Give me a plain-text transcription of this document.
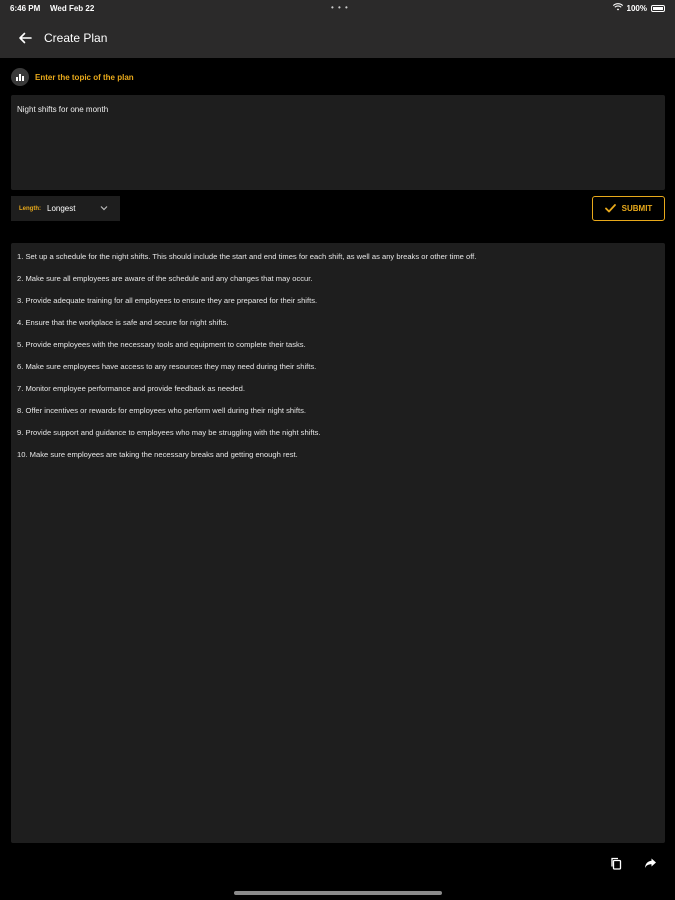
6:46 PM Wed Feb 22	• • •	100%
Create Plan
Enter the topic of the plan
Night shifts for one month
Length: Longest	SUBMIT
1. Set up a schedule for the night shifts. This should include the start and end times for each shift, as well as any breaks or other time off.
2. Make sure all employees are aware of the schedule and any changes that may occur.
3. Provide adequate training for all employees to ensure they are prepared for their shifts.
4. Ensure that the workplace is safe and secure for night shifts.
5. Provide employees with the necessary tools and equipment to complete their tasks.
6. Make sure employees have access to any resources they may need during their shifts.
7. Monitor employee performance and provide feedback as needed.
8. Offer incentives or rewards for employees who perform well during their night shifts.
9. Provide support and guidance to employees who may be struggling with the night shifts.
10. Make sure employees are taking the necessary breaks and getting enough rest.
